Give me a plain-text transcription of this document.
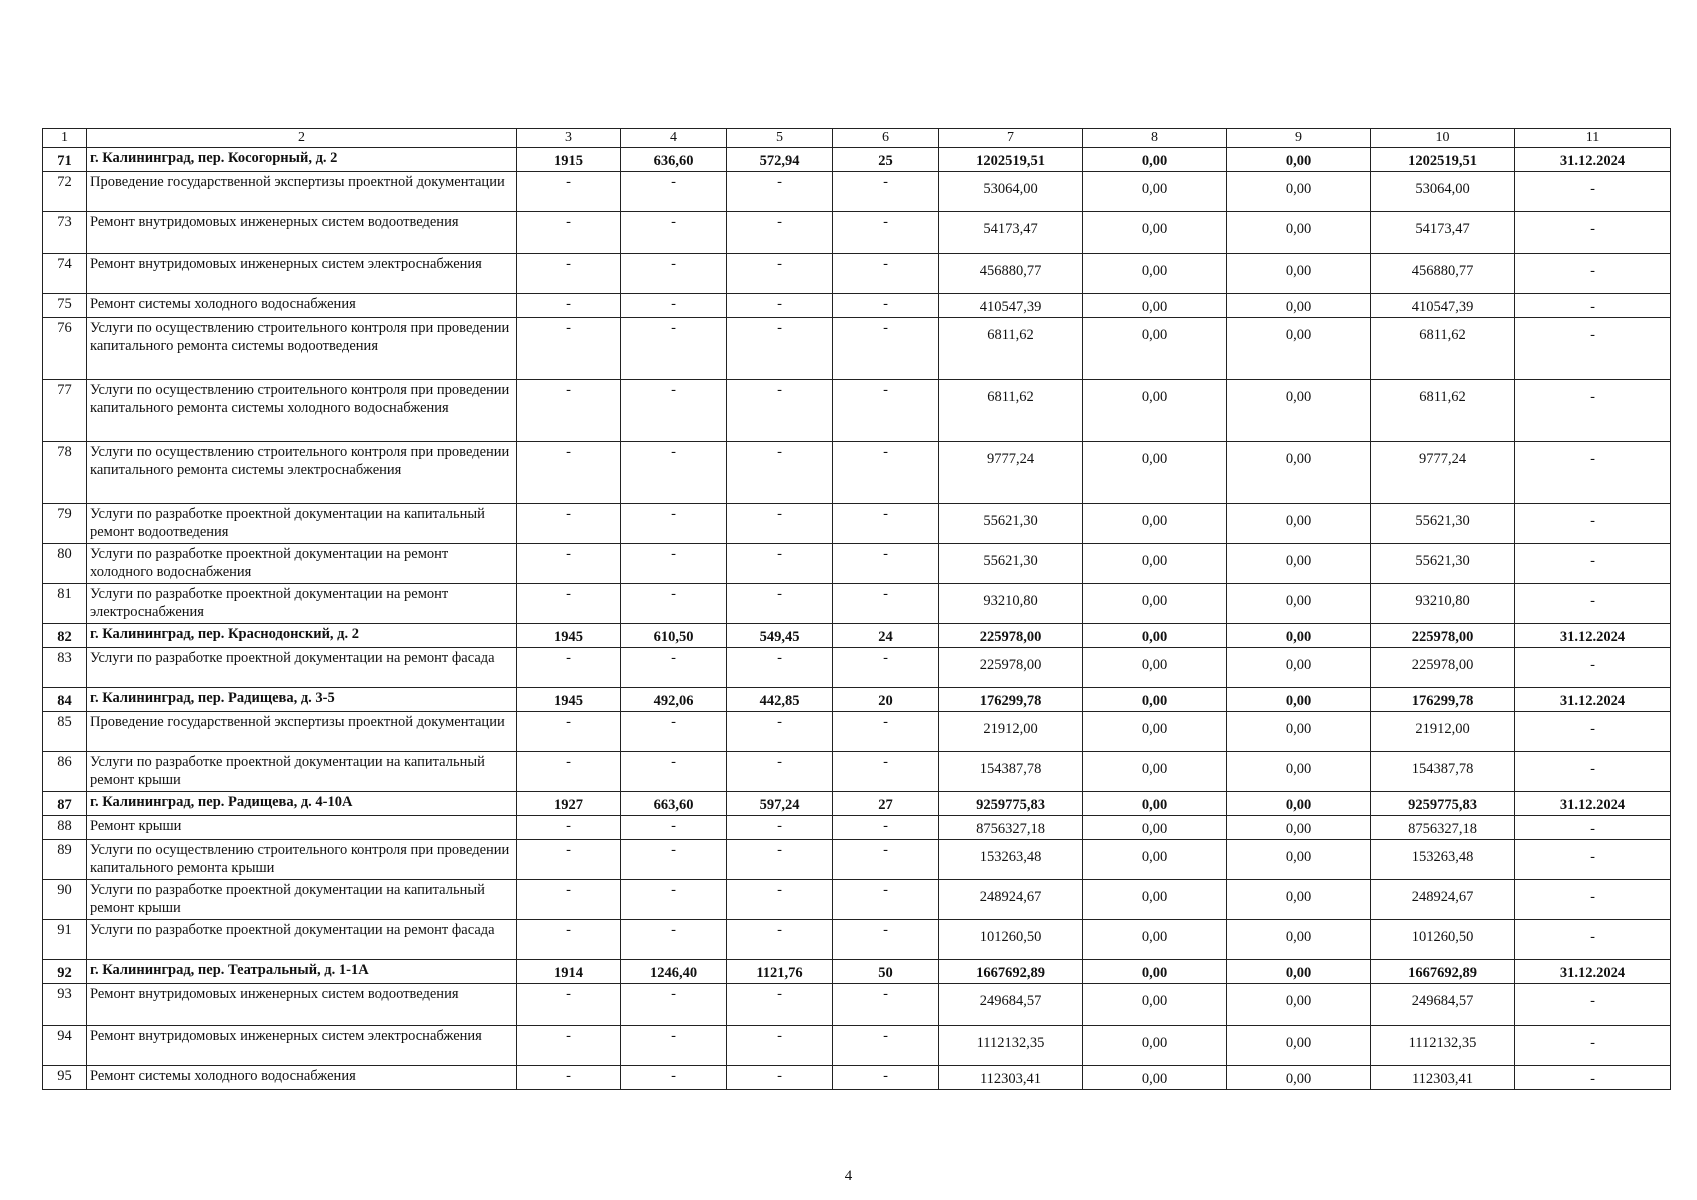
1	2	3	4	5	6	7	8	9	10	11
71	г. Калининград, пер. Косогорный, д. 2	1915	636,60	572,94	25	1202519,51	0,00	0,00	1202519,51	31.12.2024
72	Проведение государственной экспертизы проектной документации	-	-	-	-	53064,00	0,00	0,00	53064,00	-
73	Ремонт внутридомовых инженерных систем водоотведения	-	-	-	-	54173,47	0,00	0,00	54173,47	-
74	Ремонт внутридомовых инженерных систем электроснабжения	-	-	-	-	456880,77	0,00	0,00	456880,77	-
75	Ремонт системы холодного водоснабжения	-	-	-	-	410547,39	0,00	0,00	410547,39	-
76	Услуги по осуществлению строительного контроля при проведении капитального ремонта системы водоотведения	-	-	-	-	6811,62	0,00	0,00	6811,62	-
77	Услуги по осуществлению строительного контроля при проведении капитального ремонта системы холодного водоснабжения	-	-	-	-	6811,62	0,00	0,00	6811,62	-
78	Услуги по осуществлению строительного контроля при проведении капитального ремонта системы электроснабжения	-	-	-	-	9777,24	0,00	0,00	9777,24	-
79	Услуги по разработке проектной документации на капитальный ремонт водоотведения	-	-	-	-	55621,30	0,00	0,00	55621,30	-
80	Услуги по разработке проектной документации на ремонт холодного водоснабжения	-	-	-	-	55621,30	0,00	0,00	55621,30	-
81	Услуги по разработке проектной документации на ремонт электроснабжения	-	-	-	-	93210,80	0,00	0,00	93210,80	-
82	г. Калининград, пер. Краснодонский, д. 2	1945	610,50	549,45	24	225978,00	0,00	0,00	225978,00	31.12.2024
83	Услуги по разработке проектной документации на ремонт фасада	-	-	-	-	225978,00	0,00	0,00	225978,00	-
84	г. Калининград, пер. Радищева, д. 3-5	1945	492,06	442,85	20	176299,78	0,00	0,00	176299,78	31.12.2024
85	Проведение государственной экспертизы проектной документации	-	-	-	-	21912,00	0,00	0,00	21912,00	-
86	Услуги по разработке проектной документации на капитальный ремонт крыши	-	-	-	-	154387,78	0,00	0,00	154387,78	-
87	г. Калининград, пер. Радищева, д. 4-10А	1927	663,60	597,24	27	9259775,83	0,00	0,00	9259775,83	31.12.2024
88	Ремонт крыши	-	-	-	-	8756327,18	0,00	0,00	8756327,18	-
89	Услуги по осуществлению строительного контроля при проведении капитального ремонта крыши	-	-	-	-	153263,48	0,00	0,00	153263,48	-
90	Услуги по разработке проектной документации на капитальный ремонт крыши	-	-	-	-	248924,67	0,00	0,00	248924,67	-
91	Услуги по разработке проектной документации на ремонт фасада	-	-	-	-	101260,50	0,00	0,00	101260,50	-
92	г. Калининград, пер. Театральный, д. 1-1А	1914	1246,40	1121,76	50	1667692,89	0,00	0,00	1667692,89	31.12.2024
93	Ремонт внутридомовых инженерных систем водоотведения	-	-	-	-	249684,57	0,00	0,00	249684,57	-
94	Ремонт внутридомовых инженерных систем электроснабжения	-	-	-	-	1112132,35	0,00	0,00	1112132,35	-
95	Ремонт системы холодного водоснабжения	-	-	-	-	112303,41	0,00	0,00	112303,41	-
4
